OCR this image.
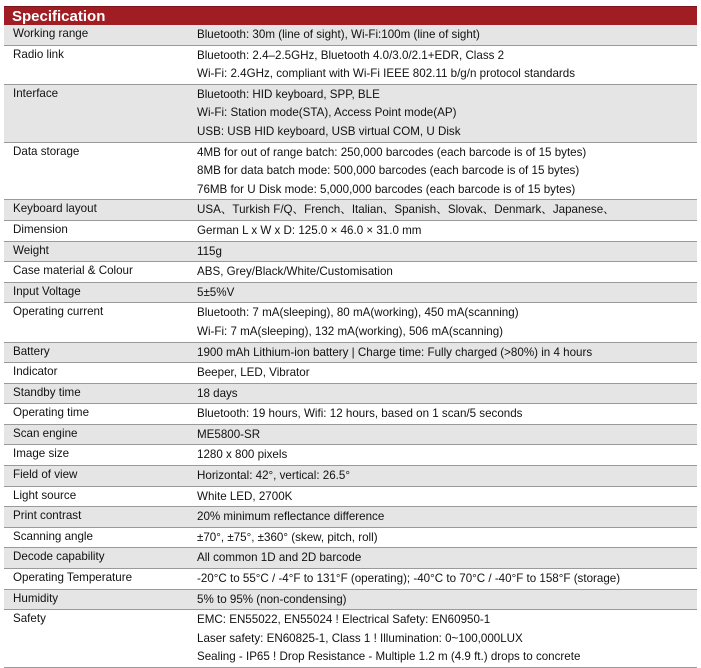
Specification
Working range	Bluetooth: 30m (line of sight), Wi-Fi:100m (line of sight)

Radio link	Bluetooth: 2.4–2.5GHz, Bluetooth 4.0/3.0/2.1+EDR, Class 2
Wi-Fi: 2.4GHz, compliant with Wi-Fi IEEE 802.11 b/g/n protocol standards

Interface	Bluetooth: HID keyboard, SPP, BLE
Wi-Fi: Station mode(STA), Access Point mode(AP)
USB: USB HID keyboard, USB virtual COM, U Disk

Data storage	4MB for out of range batch: 250,000 barcodes (each barcode is of 15 bytes)
8MB for data batch mode: 500,000 barcodes (each barcode is of 15 bytes)
76MB for U Disk mode: 5,000,000 barcodes (each barcode is of 15 bytes)

Keyboard layout	USA、Turkish F/Q、French、Italian、Spanish、Slovak、Denmark、Japanese、

Dimension	German L x W x D: 125.0 × 46.0 × 31.0 mm

Weight	115g

Case material & Colour	ABS, Grey/Black/White/Customisation

Input Voltage	5±5%V

Operating current	Bluetooth: 7 mA(sleeping), 80 mA(working), 450 mA(scanning)
Wi-Fi: 7 mA(sleeping), 132 mA(working), 506 mA(scanning)

Battery	1900 mAh Lithium-ion battery | Charge time: Fully charged (>80%) in 4 hours

Indicator	Beeper, LED, Vibrator

Standby time	18 days

Operating time	Bluetooth: 19 hours, Wifi: 12 hours, based on 1 scan/5 seconds

Scan engine	ME5800-SR

Image size	1280 x 800 pixels

Field of view	Horizontal: 42°, vertical: 26.5°

Light source	White LED, 2700K

Print contrast	20% minimum reflectance difference

Scanning angle	±70°, ±75°, ±360° (skew, pitch, roll)

Decode capability	All common 1D and 2D barcode

Operating Temperature	-20°C to 55°C / -4°F to 131°F (operating); -40°C to 70°C / -40°F to 158°F (storage)

Humidity	5% to 95% (non-condensing)

Safety	EMC: EN55022, EN55024 ! Electrical Safety: EN60950-1
Laser safety: EN60825-1, Class 1 ! Illumination: 0~100,000LUX
Sealing - IP65 ! Drop Resistance - Multiple 1.2 m (4.9 ft.) drops to concrete
